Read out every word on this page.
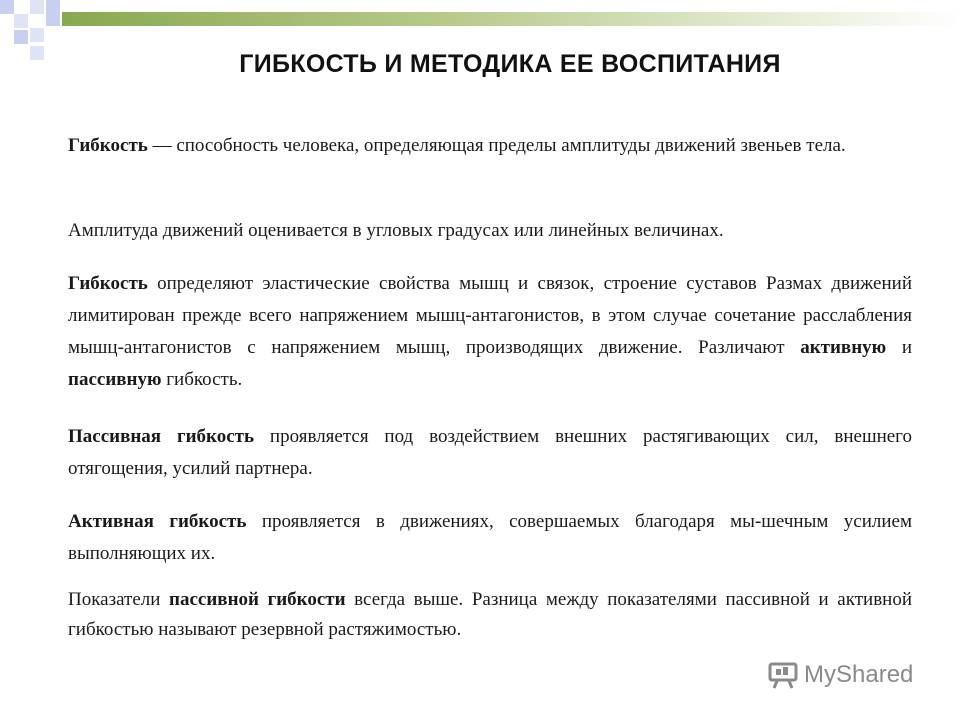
ГИБКОСТЬ И МЕТОДИКА ЕЕ ВОСПИТАНИЯ

Гибкость — способность человека, определяющая пределы амплитуды движений звеньев тела.

Амплитуда движений оценивается в угловых градусах или линейных величинах.

Гибкость определяют эластические свойства мышц и связок, строение суставов Размах движений лимитирован прежде всего напряжением мышц-антагонистов, в этом случае сочетание расслабления мышц-антагонистов с напряжением мышц, производящих движение. Различают активную и пассивную гибкость.

Пассивная гибкость проявляется под воздействием внешних растягивающих сил, внешнего отягощения, усилий партнера.

Активная гибкость проявляется в движениях, совершаемых благодаря мы-шечным усилием выполняющих их.

Показатели пассивной гибкости всегда выше. Разница между показателями пассивной и активной гибкостью называют резервной растяжимостью.

MyShared
